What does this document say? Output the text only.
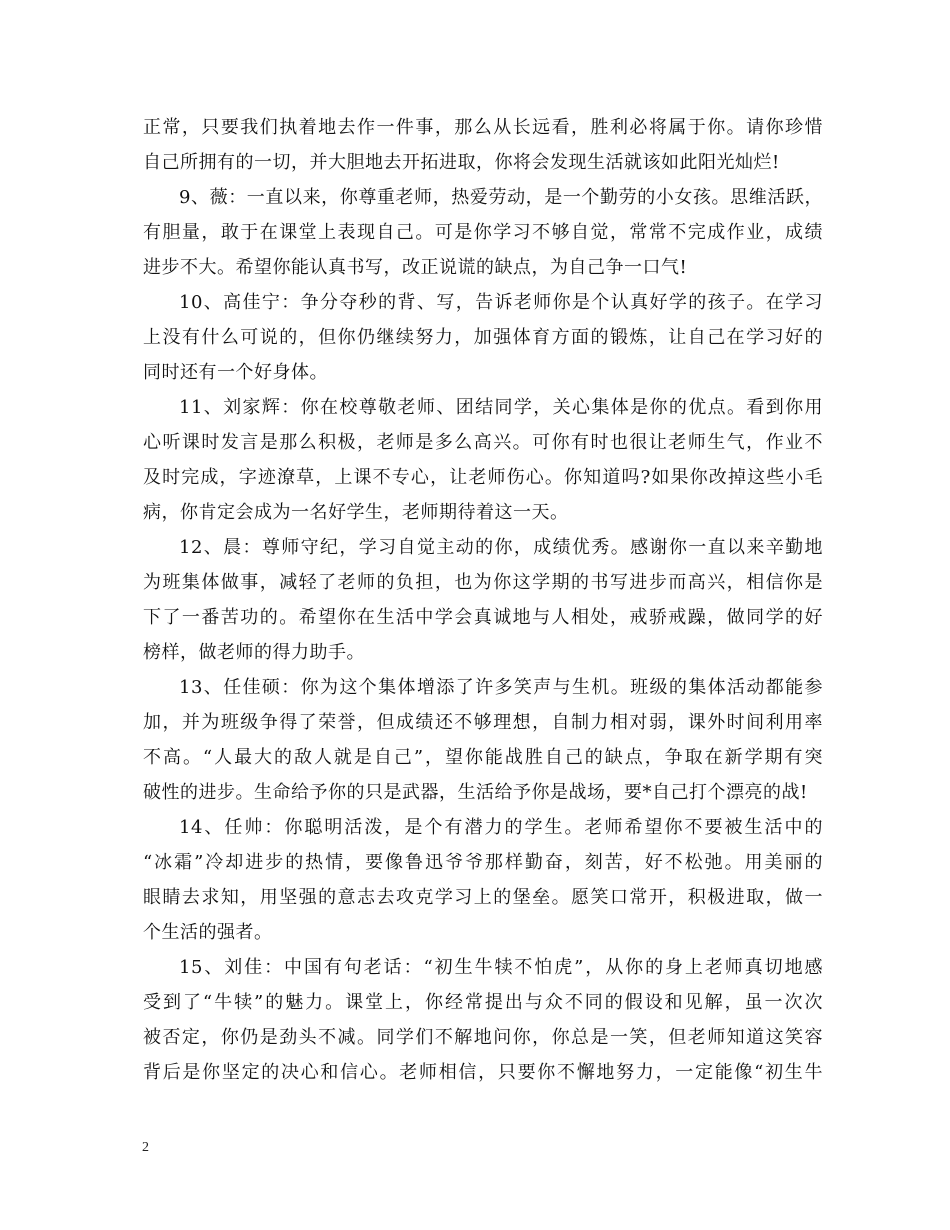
正常，只要我们执着地去作一件事，那么从长远看，胜利必将属于你。请你珍惜
自己所拥有的一切，并大胆地去开拓进取，你将会发现生活就该如此阳光灿烂!
9、薇：一直以来，你尊重老师，热爱劳动，是一个勤劳的小女孩。思维活跃，
有胆量，敢于在课堂上表现自己。可是你学习不够自觉，常常不完成作业，成绩
进步不大。希望你能认真书写，改正说谎的缺点，为自己争一口气!
10、高佳宁：争分夺秒的背、写，告诉老师你是个认真好学的孩子。在学习
上没有什么可说的，但你仍继续努力，加强体育方面的锻炼，让自己在学习好的
同时还有一个好身体。
11、刘家辉：你在校尊敬老师、团结同学，关心集体是你的优点。看到你用
心听课时发言是那么积极，老师是多么高兴。可你有时也很让老师生气，作业不
及时完成，字迹潦草，上课不专心，让老师伤心。你知道吗?如果你改掉这些小毛
病，你肯定会成为一名好学生，老师期待着这一天。
12、晨：尊师守纪，学习自觉主动的你，成绩优秀。感谢你一直以来辛勤地
为班集体做事，减轻了老师的负担，也为你这学期的书写进步而高兴，相信你是
下了一番苦功的。希望你在生活中学会真诚地与人相处，戒骄戒躁，做同学的好
榜样，做老师的得力助手。
13、任佳硕：你为这个集体增添了许多笑声与生机。班级的集体活动都能参
加，并为班级争得了荣誉，但成绩还不够理想，自制力相对弱，课外时间利用率
不高。“人最大的敌人就是自己”，望你能战胜自己的缺点，争取在新学期有突
破性的进步。生命给予你的只是武器，生活给予你是战场，要*自己打个漂亮的战!
14、任帅：你聪明活泼，是个有潜力的学生。老师希望你不要被生活中的
“冰霜”冷却进步的热情，要像鲁迅爷爷那样勤奋，刻苦，好不松弛。用美丽的
眼睛去求知，用坚强的意志去攻克学习上的堡垒。愿笑口常开，积极进取，做一
个生活的强者。
15、刘佳：中国有句老话：“初生牛犊不怕虎”，从你的身上老师真切地感
受到了“牛犊”的魅力。课堂上，你经常提出与众不同的假设和见解，虽一次次
被否定，你仍是劲头不减。同学们不解地问你，你总是一笑，但老师知道这笑容
背后是你坚定的决心和信心。老师相信，只要你不懈地努力，一定能像“初生牛
2
